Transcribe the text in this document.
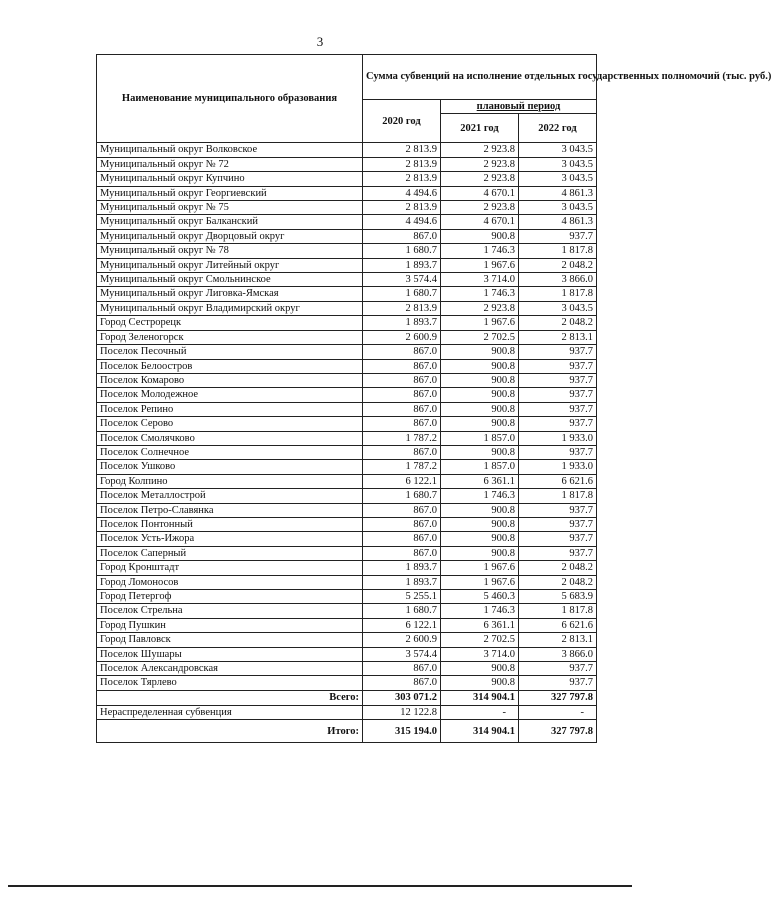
3
Наименование муниципального образования	Сумма субвенций на исполнение отдельных государственных полномочий (тыс. руб.)		
	2020 год	плановый период	
		2021 год	2022 год
Муниципальный округ Волковское	2 813.9	2 923.8	3 043.5
Муниципальный округ № 72	2 813.9	2 923.8	3 043.5
Муниципальный округ Купчино	2 813.9	2 923.8	3 043.5
Муниципальный округ Георгиевский	4 494.6	4 670.1	4 861.3
Муниципальный округ № 75	2 813.9	2 923.8	3 043.5
Муниципальный округ Балканский	4 494.6	4 670.1	4 861.3
Муниципальный округ Дворцовый округ	867.0	900.8	937.7
Муниципальный округ № 78	1 680.7	1 746.3	1 817.8
Муниципальный округ Литейный округ	1 893.7	1 967.6	2 048.2
Муниципальный округ Смольнинское	3 574.4	3 714.0	3 866.0
Муниципальный округ Лиговка-Ямская	1 680.7	1 746.3	1 817.8
Муниципальный округ Владимирский округ	2 813.9	2 923.8	3 043.5
Город Сестрорецк	1 893.7	1 967.6	2 048.2
Город Зеленогорск	2 600.9	2 702.5	2 813.1
Поселок Песочный	867.0	900.8	937.7
Поселок Белоостров	867.0	900.8	937.7
Поселок Комарово	867.0	900.8	937.7
Поселок Молодежное	867.0	900.8	937.7
Поселок Репино	867.0	900.8	937.7
Поселок Серово	867.0	900.8	937.7
Поселок Смолячково	1 787.2	1 857.0	1 933.0
Поселок Солнечное	867.0	900.8	937.7
Поселок Ушково	1 787.2	1 857.0	1 933.0
Город Колпино	6 122.1	6 361.1	6 621.6
Поселок Металлострой	1 680.7	1 746.3	1 817.8
Поселок Петро-Славянка	867.0	900.8	937.7
Поселок Понтонный	867.0	900.8	937.7
Поселок Усть-Ижора	867.0	900.8	937.7
Поселок Саперный	867.0	900.8	937.7
Город Кронштадт	1 893.7	1 967.6	2 048.2
Город Ломоносов	1 893.7	1 967.6	2 048.2
Город Петергоф	5 255.1	5 460.3	5 683.9
Поселок Стрельна	1 680.7	1 746.3	1 817.8
Город Пушкин	6 122.1	6 361.1	6 621.6
Город Павловск	2 600.9	2 702.5	2 813.1
Поселок Шушары	3 574.4	3 714.0	3 866.0
Поселок Александровская	867.0	900.8	937.7
Поселок Тярлево	867.0	900.8	937.7
Всего:	303 071.2	314 904.1	327 797.8
Нераспределенная субвенция	12 122.8	-	-
Итого:	315 194.0	314 904.1	327 797.8
